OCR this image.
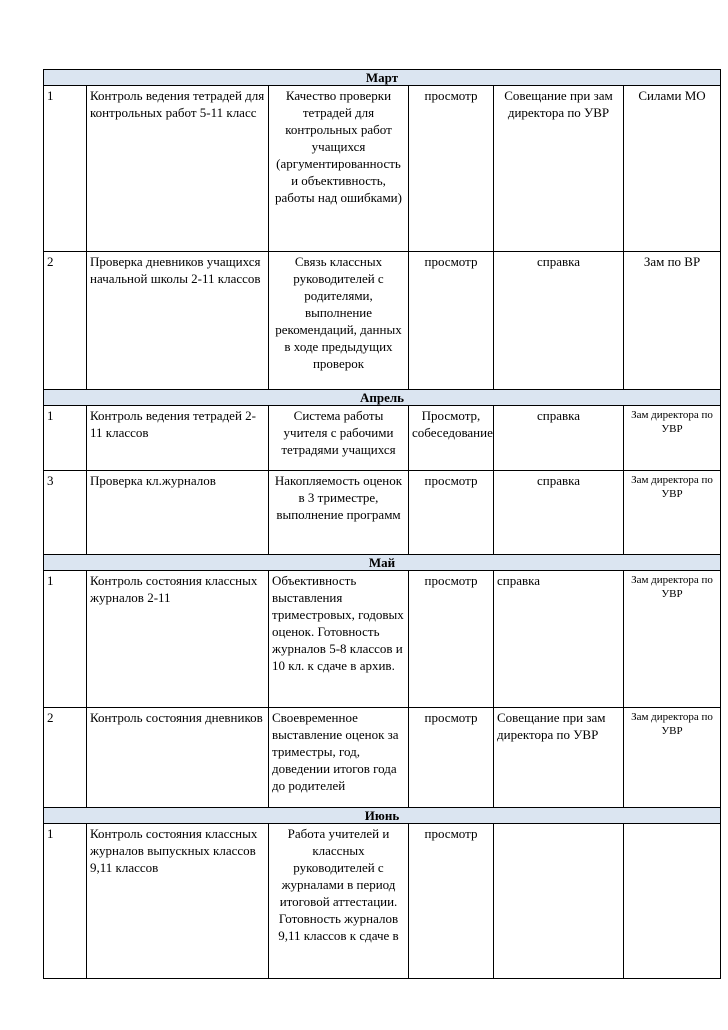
Март					
1	Контроль ведения тетрадей для контрольных работ 5-11 класс	Качество проверки тетрадей для контрольных работ учащихся (аргументированность и объективность, работы над ошибками)	просмотр	Совещание при зам директора по УВР	Силами МО
2	Проверка дневников учащихся начальной школы 2-11 классов	Связь классных руководителей с родителями, выполнение рекомендаций, данных в ходе предыдущих проверок	просмотр	справка	Зам по ВР
Апрель					
1	Контроль ведения тетрадей 2-11 классов	Система работы учителя с рабочими тетрадями учащихся	Просмотр, собеседование	справка	Зам директора по УВР
3	Проверка кл.журналов	Накопляемость оценок в 3 триместре, выполнение программ	просмотр	справка	Зам директора по УВР
Май					
1	Контроль состояния классных журналов 2-11	Объективность выставления триместровых, годовых оценок. Готовность журналов 5-8 классов и 10 кл. к сдаче в архив.	просмотр	справка	Зам директора по УВР
2	Контроль состояния дневников	Своевременное выставление оценок за триместры, год, доведении итогов года до родителей	просмотр	Совещание при зам директора по УВР	Зам директора по УВР
Июнь					
1	Контроль состояния классных журналов выпускных классов 9,11 классов	Работа учителей и классных руководителей с журналами в период итоговой аттестации. Готовность журналов 9,11 классов к сдаче в	просмотр		
